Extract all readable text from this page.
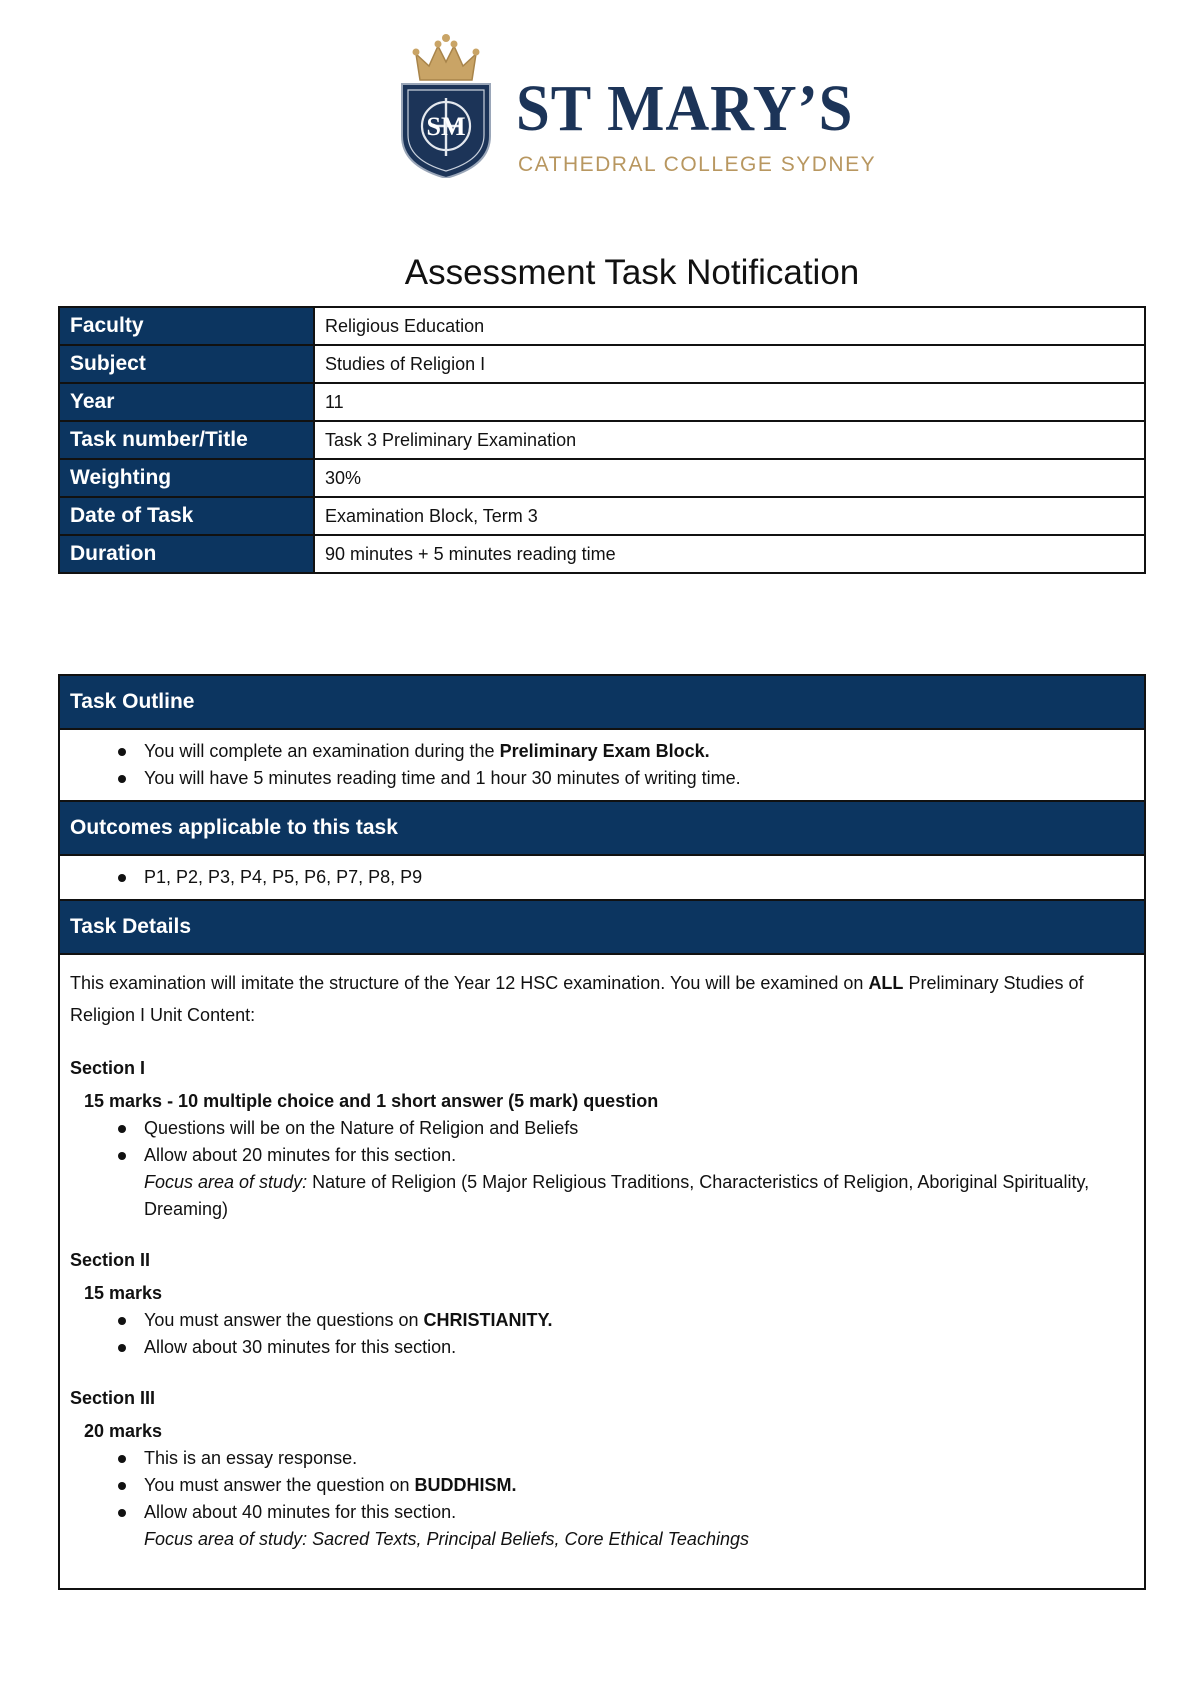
SM ST MARY’S
CATHEDRAL COLLEGE SYDNEY
Assessment Task Notification
Faculty	Religious Education
Subject	Studies of Religion I
Year	11
Task number/Title	Task 3 Preliminary Examination
Weighting	30%
Date of Task	Examination Block, Term 3
Duration	90 minutes + 5 minutes reading time
Task Outline
You will complete an examination during the Preliminary Exam Block.
You will have 5 minutes reading time and 1 hour 30 minutes of writing time.
Outcomes applicable to this task
P1, P2, P3, P4, P5, P6, P7, P8, P9
Task Details
This examination will imitate the structure of the Year 12 HSC examination. You will be examined on ALL Preliminary Studies of Religion I Unit Content:
Section I
15 marks - 10 multiple choice and 1 short answer (5 mark) question
Questions will be on the Nature of Religion and Beliefs
Allow about 20 minutes for this section.
Focus area of study: Nature of Religion (5 Major Religious Traditions, Characteristics of Religion, Aboriginal Spirituality, Dreaming)
Section II
15 marks
You must answer the questions on CHRISTIANITY.
Allow about 30 minutes for this section.
Section III
20 marks
This is an essay response.
You must answer the question on BUDDHISM.
Allow about 40 minutes for this section.
Focus area of study: Sacred Texts, Principal Beliefs, Core Ethical Teachings
